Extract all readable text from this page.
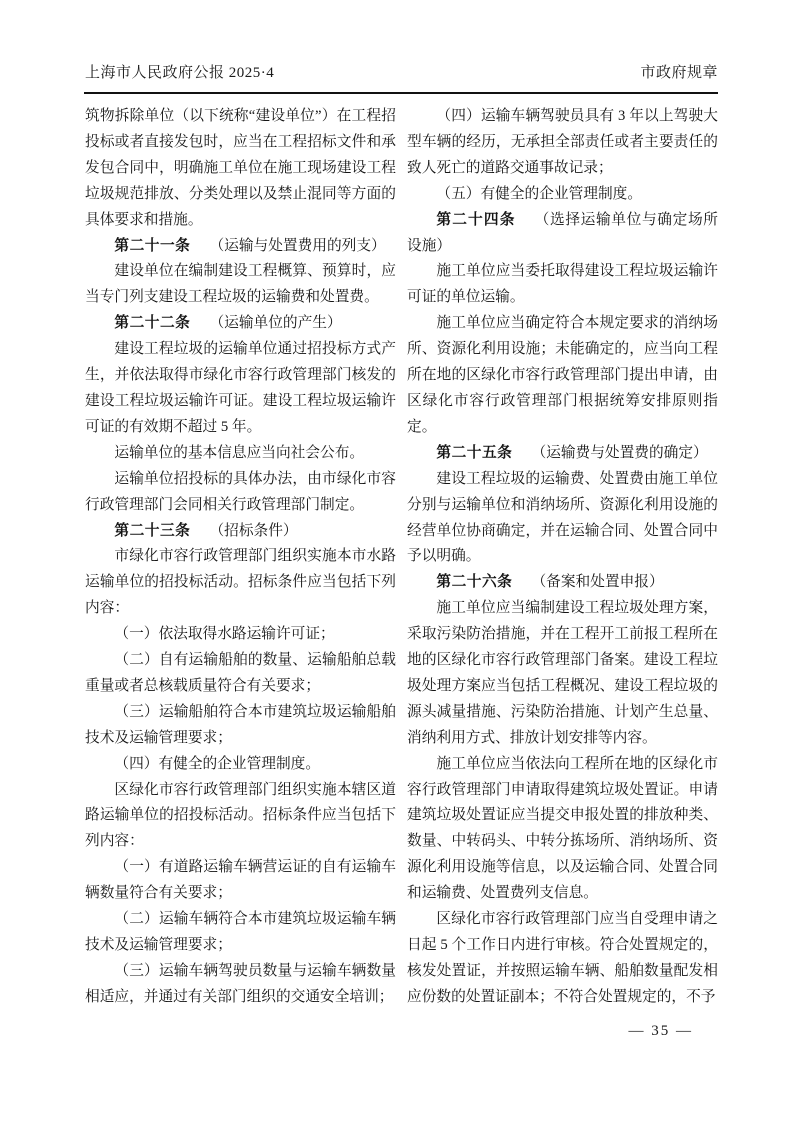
上海市人民政府公报 2025·4	市政府规章

筑物拆除单位（以下统称“建设单位”）在工程招投标或者直接发包时，应当在工程招标文件和承发包合同中，明确施工单位在施工现场建设工程垃圾规范排放、分类处理以及禁止混同等方面的具体要求和措施。

第二十一条 （运输与处置费用的列支）

建设单位在编制建设工程概算、预算时，应当专门列支建设工程垃圾的运输费和处置费。

第二十二条 （运输单位的产生）

建设工程垃圾的运输单位通过招投标方式产生，并依法取得市绿化市容行政管理部门核发的建设工程垃圾运输许可证。建设工程垃圾运输许可证的有效期不超过 5 年。

运输单位的基本信息应当向社会公布。

运输单位招投标的具体办法，由市绿化市容行政管理部门会同相关行政管理部门制定。

第二十三条 （招标条件）

市绿化市容行政管理部门组织实施本市水路运输单位的招投标活动。招标条件应当包括下列内容：

（一）依法取得水路运输许可证；

（二）自有运输船舶的数量、运输船舶总载重量或者总核载质量符合有关要求；

（三）运输船舶符合本市建筑垃圾运输船舶技术及运输管理要求；

（四）有健全的企业管理制度。

区绿化市容行政管理部门组织实施本辖区道路运输单位的招投标活动。招标条件应当包括下列内容：

（一）有道路运输车辆营运证的自有运输车辆数量符合有关要求；

（二）运输车辆符合本市建筑垃圾运输车辆技术及运输管理要求；

（三）运输车辆驾驶员数量与运输车辆数量相适应，并通过有关部门组织的交通安全培训；

（四）运输车辆驾驶员具有 3 年以上驾驶大型车辆的经历，无承担全部责任或者主要责任的致人死亡的道路交通事故记录；

（五）有健全的企业管理制度。

第二十四条 （选择运输单位与确定场所设施）

施工单位应当委托取得建设工程垃圾运输许可证的单位运输。

施工单位应当确定符合本规定要求的消纳场所、资源化利用设施；未能确定的，应当向工程所在地的区绿化市容行政管理部门提出申请，由区绿化市容行政管理部门根据统筹安排原则指定。

第二十五条 （运输费与处置费的确定）

建设工程垃圾的运输费、处置费由施工单位分别与运输单位和消纳场所、资源化利用设施的经营单位协商确定，并在运输合同、处置合同中予以明确。

第二十六条 （备案和处置申报）

施工单位应当编制建设工程垃圾处理方案，采取污染防治措施，并在工程开工前报工程所在地的区绿化市容行政管理部门备案。建设工程垃圾处理方案应当包括工程概况、建设工程垃圾的源头减量措施、污染防治措施、计划产生总量、消纳利用方式、排放计划安排等内容。

施工单位应当依法向工程所在地的区绿化市容行政管理部门申请取得建筑垃圾处置证。申请建筑垃圾处置证应当提交申报处置的排放种类、数量、中转码头、中转分拣场所、消纳场所、资源化利用设施等信息，以及运输合同、处置合同和运输费、处置费列支信息。

区绿化市容行政管理部门应当自受理申请之日起 5 个工作日内进行审核。符合处置规定的，核发处置证，并按照运输车辆、船舶数量配发相应份数的处置证副本；不符合处置规定的，不予

— 35 —
